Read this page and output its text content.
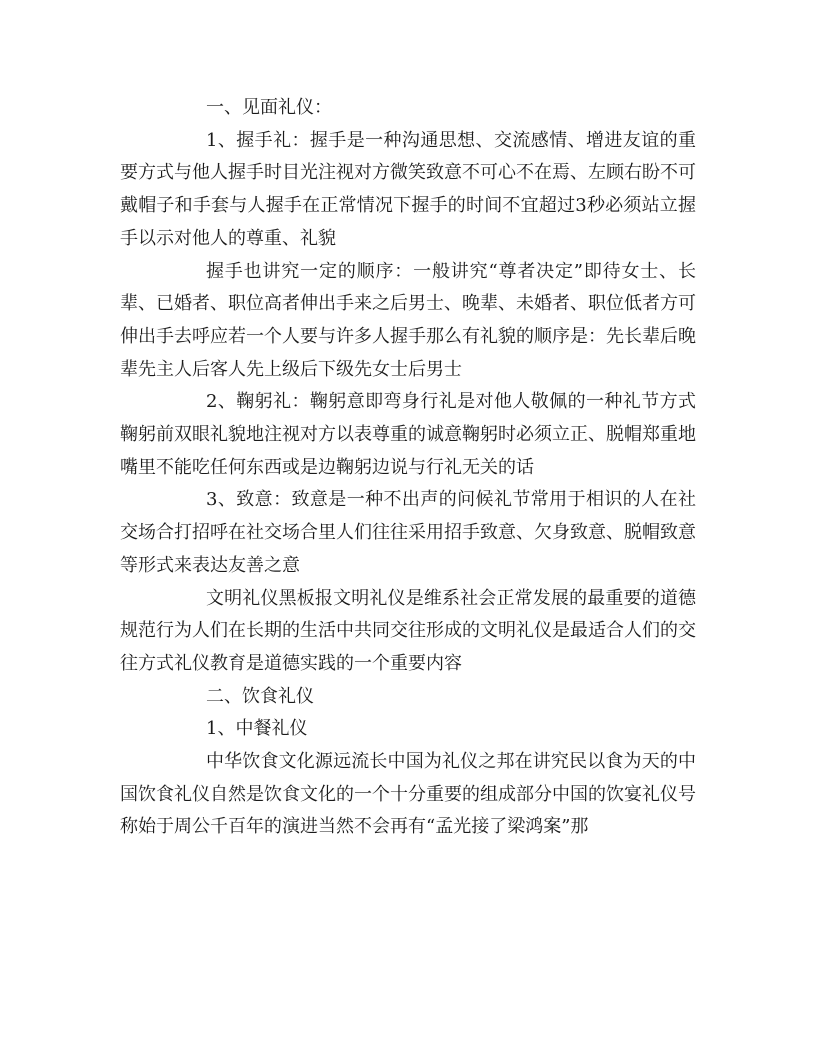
一、见面礼仪：

1、握手礼：握手是一种沟通思想、交流感情、增进友谊的重要方式与他人握手时目光注视对方微笑致意不可心不在焉、左顾右盼不可戴帽子和手套与人握手在正常情况下握手的时间不宜超过3秒必须站立握手以示对他人的尊重、礼貌

握手也讲究一定的顺序：一般讲究“尊者决定”即待女士、长辈、已婚者、职位高者伸出手来之后男士、晚辈、未婚者、职位低者方可伸出手去呼应若一个人要与许多人握手那么有礼貌的顺序是：先长辈后晚辈先主人后客人先上级后下级先女士后男士

2、鞠躬礼：鞠躬意即弯身行礼是对他人敬佩的一种礼节方式鞠躬前双眼礼貌地注视对方以表尊重的诚意鞠躬时必须立正、脱帽郑重地嘴里不能吃任何东西或是边鞠躬边说与行礼无关的话

3、致意：致意是一种不出声的问候礼节常用于相识的人在社交场合打招呼在社交场合里人们往往采用招手致意、欠身致意、脱帽致意等形式来表达友善之意

文明礼仪黑板报文明礼仪是维系社会正常发展的最重要的道德规范行为人们在长期的生活中共同交往形成的文明礼仪是最适合人们的交往方式礼仪教育是道德实践的一个重要内容

二、饮食礼仪

1、中餐礼仪

中华饮食文化源远流长中国为礼仪之邦在讲究民以食为天的中国饮食礼仪自然是饮食文化的一个十分重要的组成部分中国的饮宴礼仪号称始于周公千百年的演进当然不会再有“孟光接了梁鸿案”那
